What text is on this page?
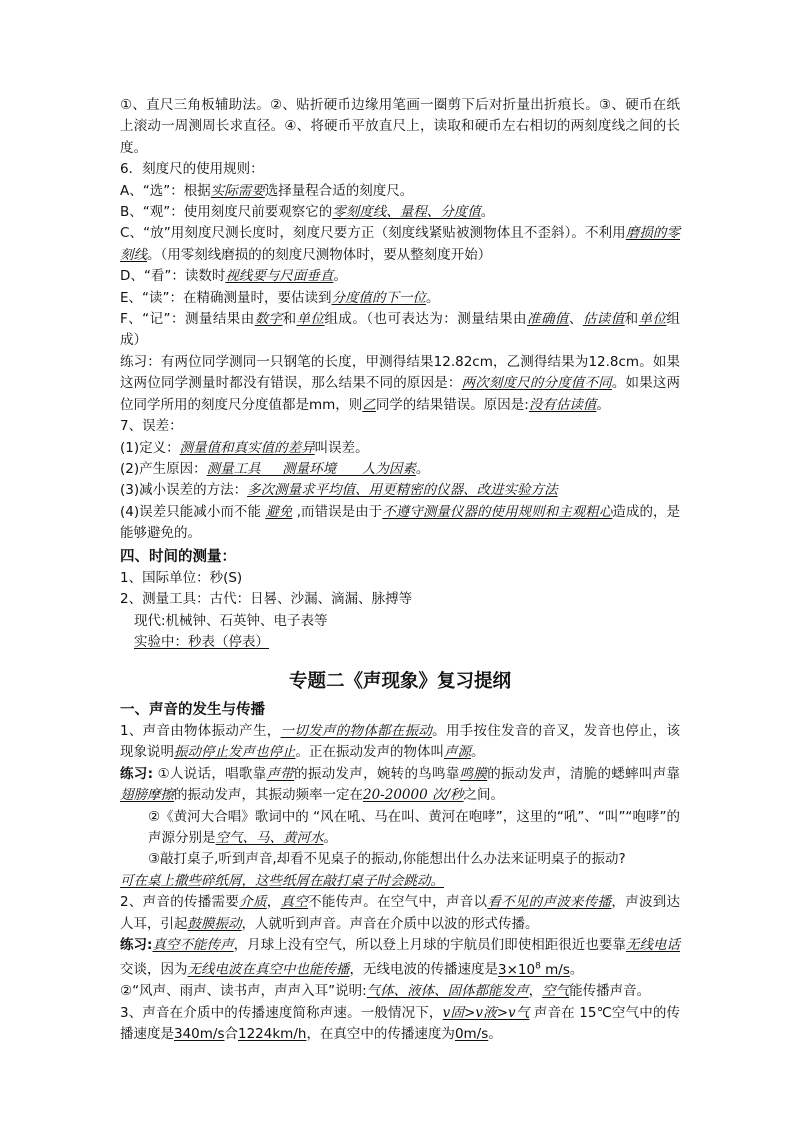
①、直尺三角板辅助法。②、贴折硬币边缘用笔画一圈剪下后对折量出折痕长。③、硬币在纸上滚动一周测周长求直径。④、将硬币平放直尺上，读取和硬币左右相切的两刻度线之间的长度。

6．刻度尺的使用规则：

A、“选”：根据实际需要选择量程合适的刻度尺。

B、“观”：使用刻度尺前要观察它的零刻度线、量程、分度值。

C、“放”用刻度尺测长度时，刻度尺要方正（刻度线紧贴被测物体且不歪斜）。不利用磨损的零刻线。（用零刻线磨损的的刻度尺测物体时，要从整刻度开始）

D、“看”：读数时视线要与尺面垂直。

E、“读”：在精确测量时，要估读到分度值的下一位。

F、“记”：测量结果由数字和单位组成。（也可表达为：测量结果由准确值、估读值和单位组成）

练习：有两位同学测同一只钢笔的长度，甲测得结果12.82cm，乙测得结果为12.8cm。如果这两位同学测量时都没有错误，那么结果不同的原因是：两次刻度尺的分度值不同。如果这两位同学所用的刻度尺分度值都是mm，则乙同学的结果错误。原因是:没有估读值。

7、误差：

(1)定义：测量值和真实值的差异叫误差。

(2)产生原因：测量工具     测量环境      人为因素。

(3)减小误差的方法：多次测量求平均值、用更精密的仪器、改进实验方法

(4)误差只能减小而不能 避免 ,而错误是由于不遵守测量仪器的使用规则和主观粗心造成的，是能够避免的。

四、时间的测量：

1、国际单位：秒(S)

2、测量工具：古代：日晷、沙漏、滴漏、脉搏等

现代:机械钟、石英钟、电子表等

实验中：秒表（停表）

专题二《声现象》复习提纲

一、声音的发生与传播

1、声音由物体振动产生，一切发声的物体都在振动。用手按住发音的音叉，发音也停止，该现象说明振动停止发声也停止。正在振动发声的物体叫声源。

练习: ①人说话，唱歌靠声带的振动发声，婉转的鸟鸣靠鸣膜的振动发声，清脆的蟋蟀叫声靠翅膀摩擦的振动发声，其振动频率一定在20-20000 次/秒之间。

②《黄河大合唱》歌词中的 “风在吼、马在叫、黄河在咆哮”，这里的“吼”、“叫”“咆哮”的声源分别是空气、马、黄河水。

③敲打桌子,听到声音,却看不见桌子的振动,你能想出什么办法来证明桌子的振动?

可在桌上撒些碎纸屑，这些纸屑在敲打桌子时会跳动。

2、声音的传播需要介质，真空不能传声。在空气中，声音以看不见的声波来传播，声波到达人耳，引起鼓膜振动，人就听到声音。声音在介质中以波的形式传播。

练习:真空不能传声，月球上没有空气，所以登上月球的宇航员们即使相距很近也要靠无线电话交谈，因为无线电波在真空中也能传播，无线电波的传播速度是$3\times 10^8$ m/s。

②“风声、雨声、读书声，声声入耳”说明:气体、液体、固体都能发声，空气能传播声音。

3、声音在介质中的传播速度简称声速。一般情况下，v固>v液>v气 声音在 15℃空气中的传播速度是340m/s合1224km/h，在真空中的传播速度为0m/s。
